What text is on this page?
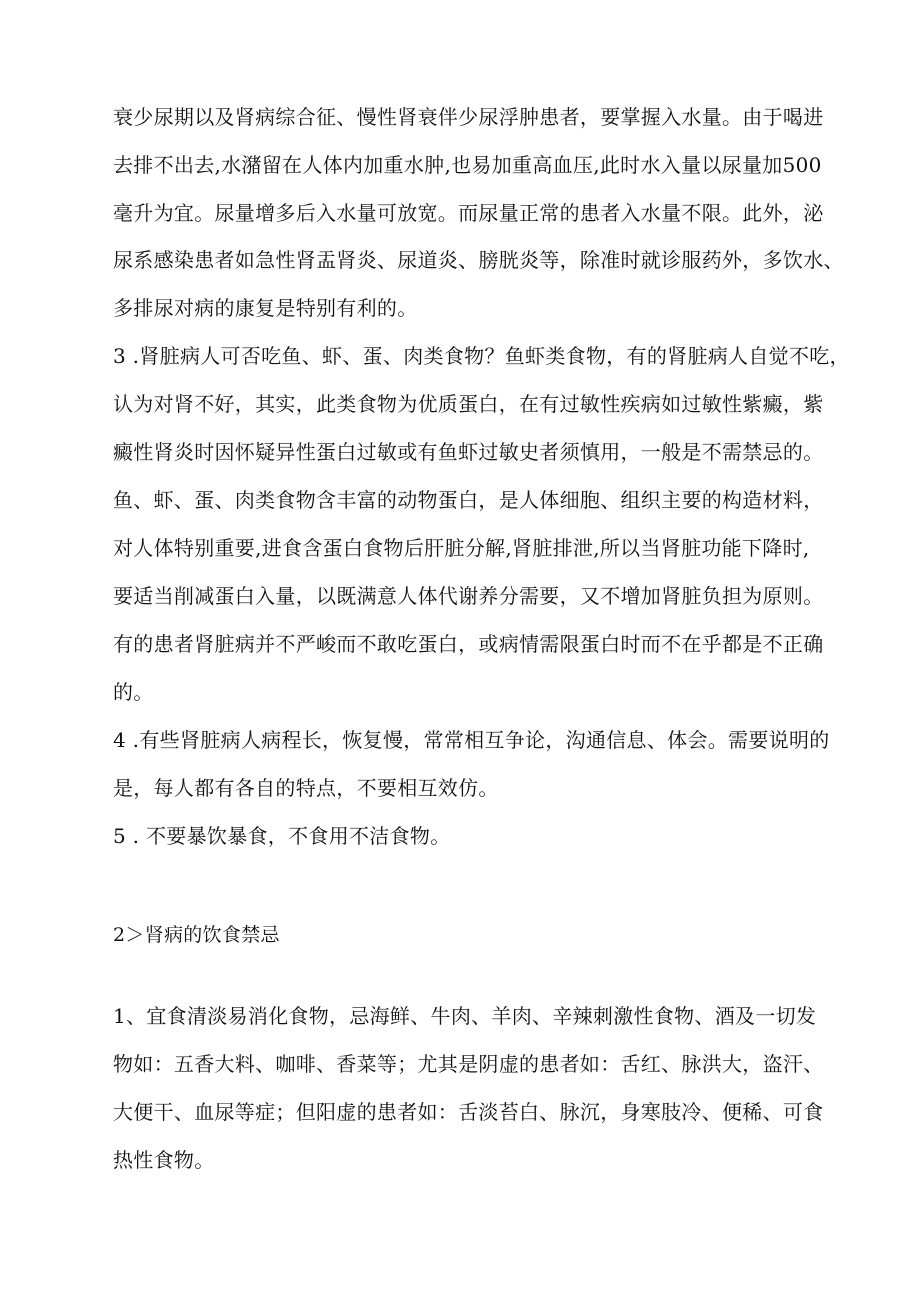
衰少尿期以及肾病综合征、慢性肾衰伴少尿浮肿患者，要掌握入水量。由于喝进
去排不出去,水潴留在人体内加重水肿,也易加重高血压,此时水入量以尿量加500
毫升为宜。尿量增多后入水量可放宽。而尿量正常的患者入水量不限。此外，泌
尿系感染患者如急性肾盂肾炎、尿道炎、膀胱炎等，除准时就诊服药外，多饮水、
多排尿对病的康复是特别有利的。
3 .肾脏病人可否吃鱼、虾、蛋、肉类食物？鱼虾类食物，有的肾脏病人自觉不吃，
认为对肾不好，其实，此类食物为优质蛋白，在有过敏性疾病如过敏性紫癜，紫
癜性肾炎时因怀疑异性蛋白过敏或有鱼虾过敏史者须慎用，一般是不需禁忌的。
鱼、虾、蛋、肉类食物含丰富的动物蛋白，是人体细胞、组织主要的构造材料，
对人体特别重要,进食含蛋白食物后肝脏分解,肾脏排泄,所以当肾脏功能下降时,
要适当削减蛋白入量，以既满意人体代谢养分需要，又不增加肾脏负担为原则。
有的患者肾脏病并不严峻而不敢吃蛋白，或病情需限蛋白时而不在乎都是不正确
的。
4 .有些肾脏病人病程长，恢复慢，常常相互争论，沟通信息、体会。需要说明的
是，每人都有各自的特点，不要相互效仿。
5 . 不要暴饮暴食，不食用不洁食物。
2＞肾病的饮食禁忌
1、宜食清淡易消化食物，忌海鲜、牛肉、羊肉、辛辣刺激性食物、酒及一切发
物如：五香大料、咖啡、香菜等；尤其是阴虚的患者如：舌红、脉洪大，盗汗、
大便干、血尿等症；但阳虚的患者如：舌淡苔白、脉沉，身寒肢冷、便稀、可食
热性食物。
